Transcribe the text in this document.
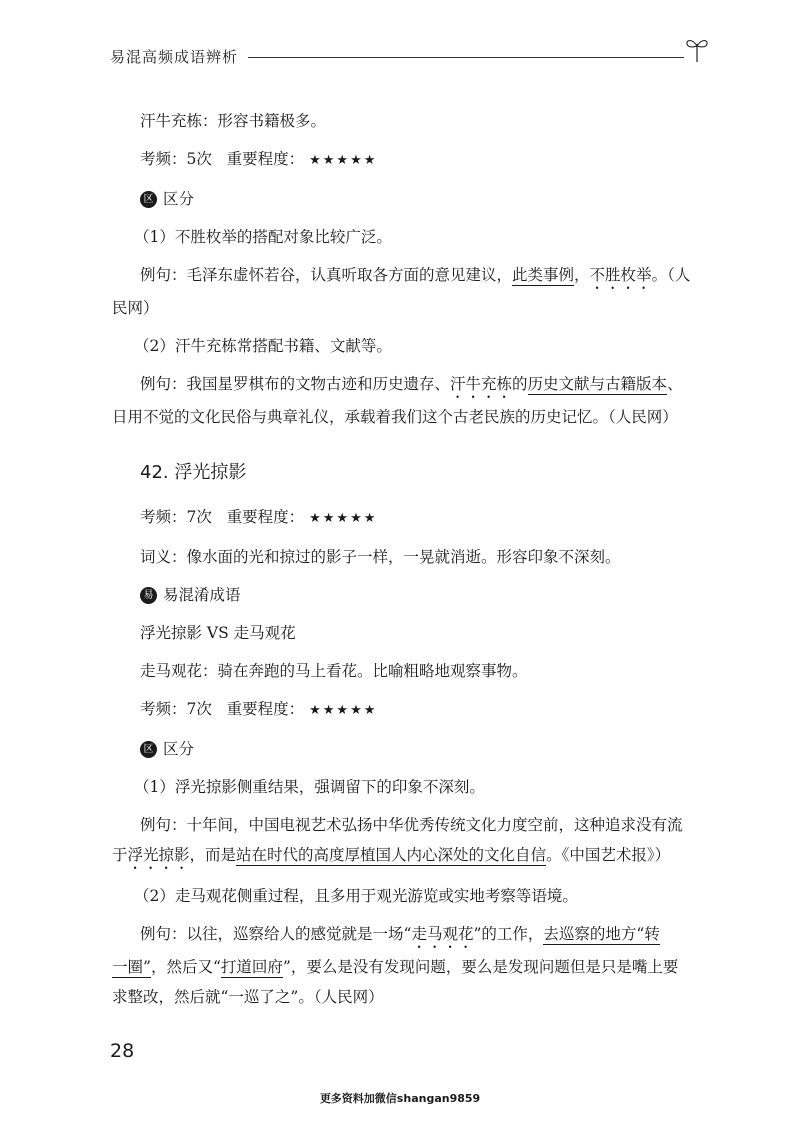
易混高频成语辨析

汗牛充栋：形容书籍极多。

考频：5次 重要程度： ★★★★★

区 区分

（1）不胜枚举的搭配对象比较广泛。

例句：毛泽东虚怀若谷，认真听取各方面的意见建议，此类事例，不胜枚举。（人

民网）

（2）汗牛充栋常搭配书籍、文献等。

例句：我国星罗棋布的文物古迹和历史遗存、汗牛充栋的历史文献与古籍版本、

日用不觉的文化民俗与典章礼仪，承载着我们这个古老民族的历史记忆。（人民网）

42. 浮光掠影

考频：7次 重要程度： ★★★★★

词义：像水面的光和掠过的影子一样，一晃就消逝。形容印象不深刻。

易 易混淆成语

浮光掠影 VS 走马观花

走马观花：骑在奔跑的马上看花。比喻粗略地观察事物。

考频：7次 重要程度： ★★★★★

区 区分

（1）浮光掠影侧重结果，强调留下的印象不深刻。

例句：十年间，中国电视艺术弘扬中华优秀传统文化力度空前，这种追求没有流

于浮光掠影，而是站在时代的高度厚植国人内心深处的文化自信。《中国艺术报》）

（2）走马观花侧重过程，且多用于观光游览或实地考察等语境。

例句：以往，巡察给人的感觉就是一场“走马观花”的工作，去巡察的地方“转

一圈”，然后又“打道回府”，要么是没有发现问题，要么是发现问题但是只是嘴上要

求整改，然后就“一巡了之”。（人民网）

28
更多资料加微信shangan9859
